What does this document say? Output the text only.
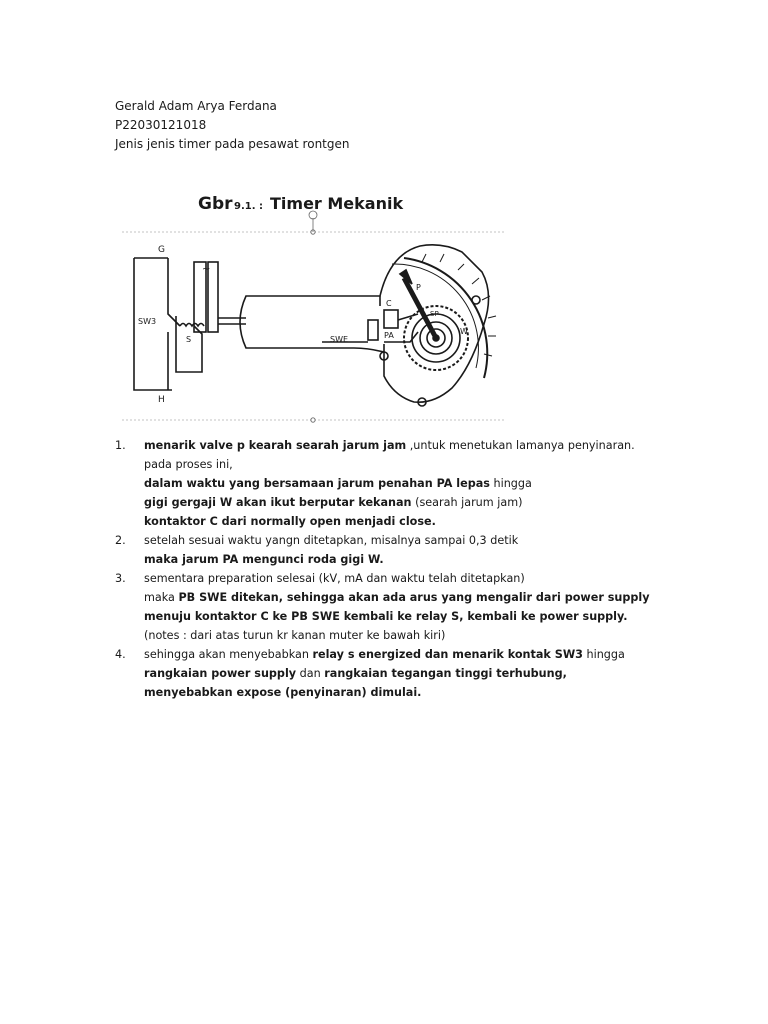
Gerald Adam Arya Ferdana
P22030121018
Jenis jenis timer pada pesawat rontgen
Gbr 9.1. : Timer Mekanik
G
H
SW3
S
~
SWE
C
PA
P
SP
W
1. menarik valve p kearah searah jarum jam ,untuk menetukan lamanya penyinaran.
pada proses ini,
dalam waktu yang bersamaan jarum penahan PA lepas hingga
gigi gergaji W akan ikut berputar kekanan (searah jarum jam)
kontaktor C dari normally open menjadi close.
2. setelah sesuai waktu yangn ditetapkan, misalnya sampai 0,3 detik
maka jarum PA mengunci roda gigi W.
3. sementara preparation selesai (kV, mA dan waktu telah ditetapkan)
maka PB SWE ditekan, sehingga akan ada arus yang mengalir dari power supply
menuju kontaktor C ke PB SWE kembali ke relay S, kembali ke power supply.
(notes : dari atas turun kr kanan muter ke bawah kiri)
4. sehingga akan menyebabkan relay s energized dan menarik kontak SW3 hingga
rangkaian power supply dan rangkaian tegangan tinggi terhubung,
menyebabkan expose (penyinaran) dimulai.
